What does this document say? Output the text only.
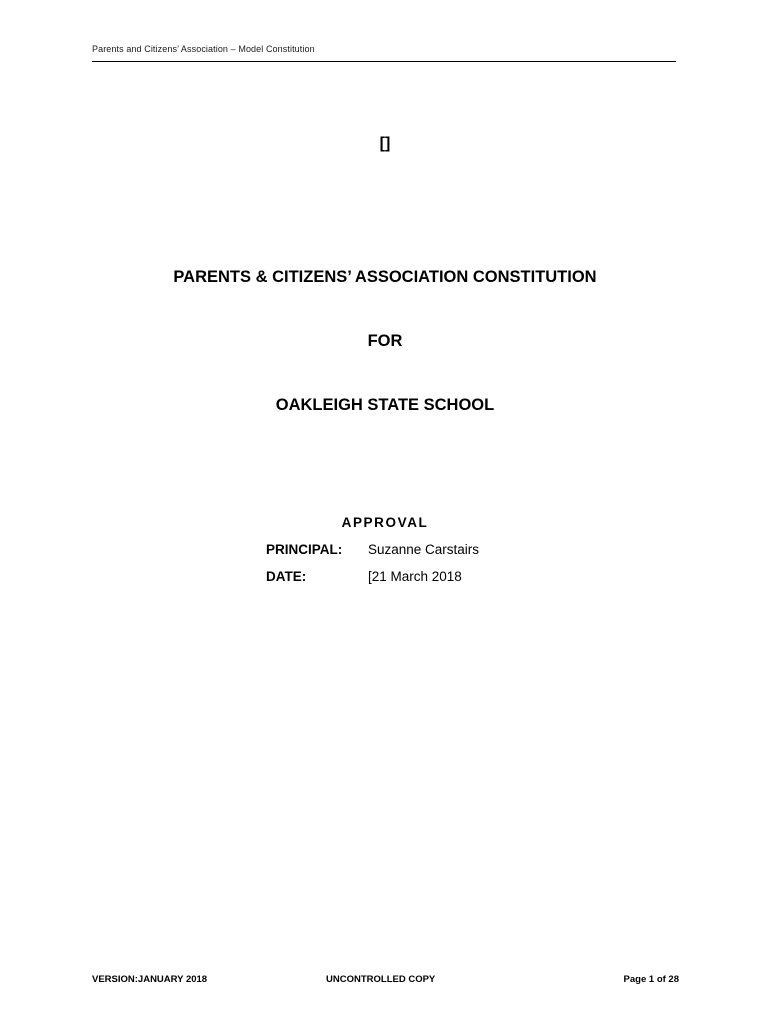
Parents and Citizens’ Association – Model Constitution
[]
PARENTS & CITIZENS’ ASSOCIATION CONSTITUTION
FOR
OAKLEIGH STATE SCHOOL
APPROVAL
PRINCIPAL: Suzanne Carstairs
DATE:	[21 March 2018
VERSION:JANUARY 2018	UNCONTROLLED COPY	Page 1 of 28
